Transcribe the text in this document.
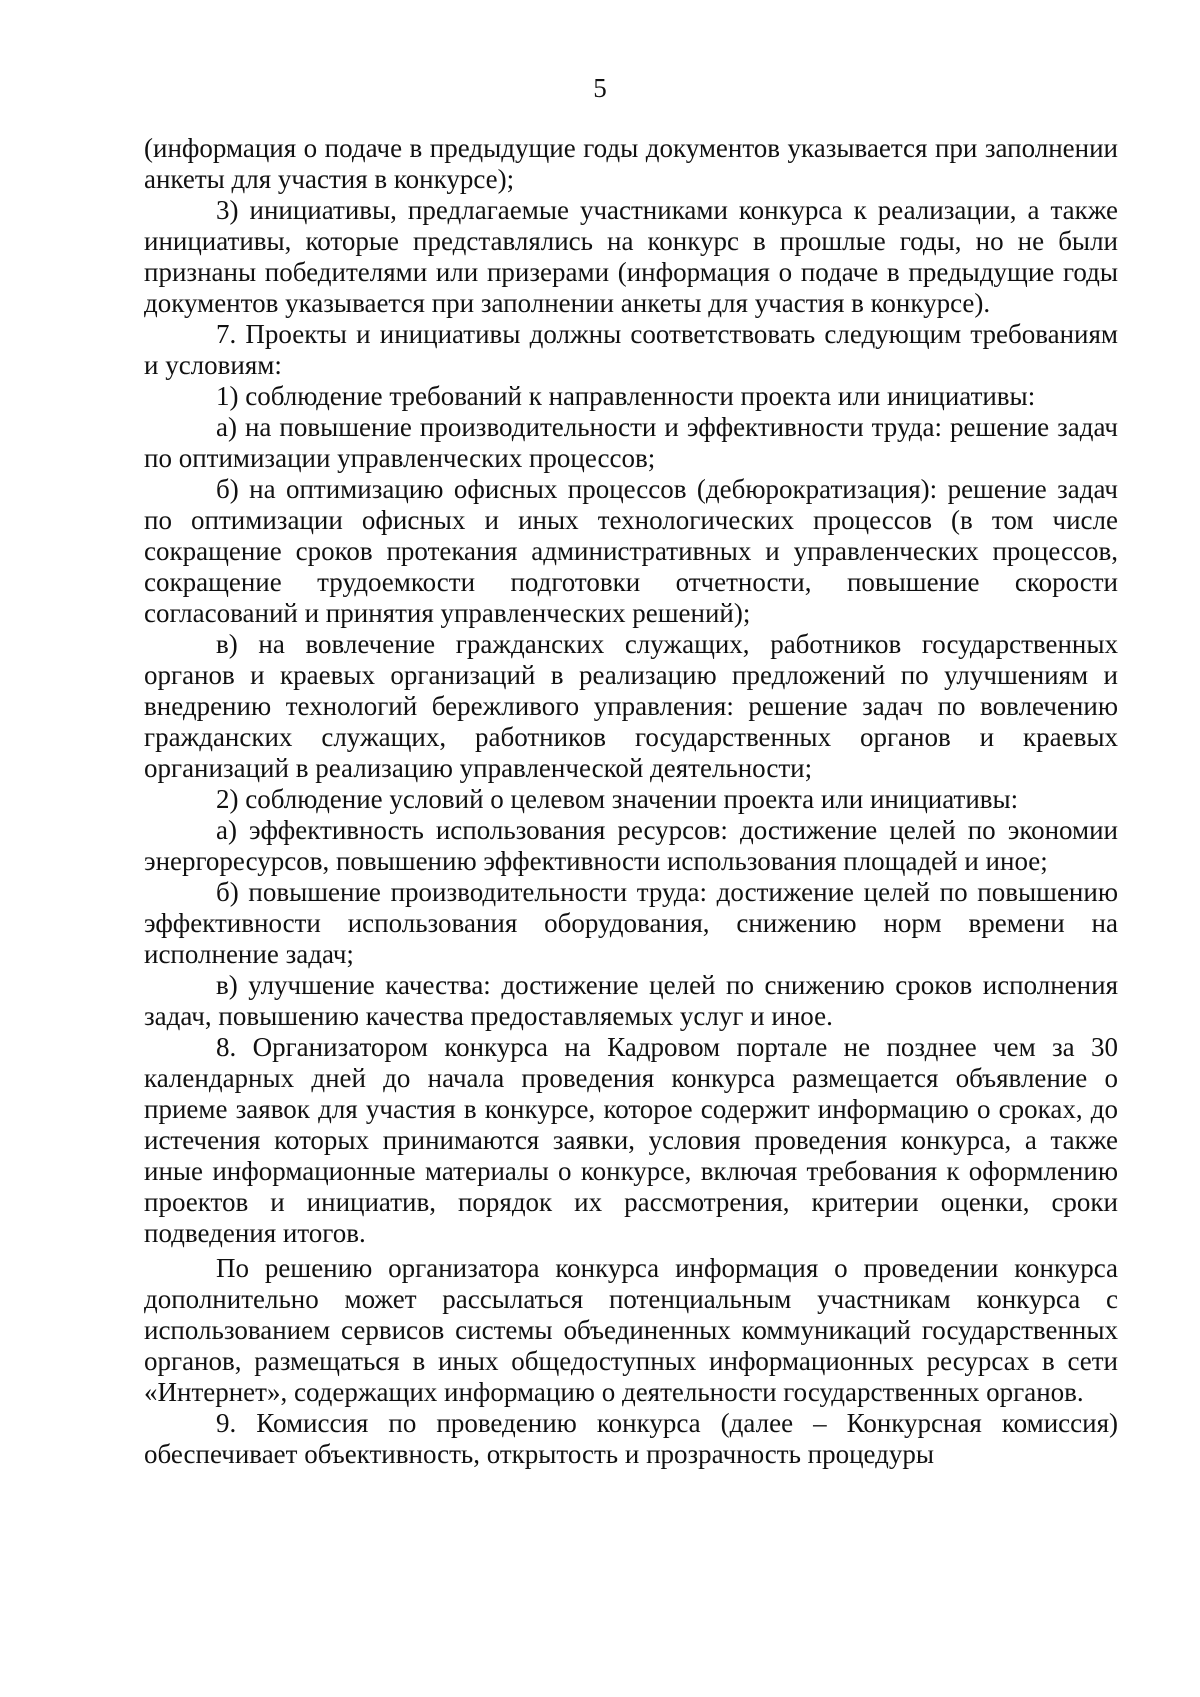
5

(информация о подаче в предыдущие годы документов указывается при заполнении анкеты для участия в конкурсе);

3) инициативы, предлагаемые участниками конкурса к реализации, а также инициативы, которые представлялись на конкурс в прошлые годы, но не были признаны победителями или призерами (информация о подаче в предыдущие годы документов указывается при заполнении анкеты для участия в конкурсе).

7. Проекты и инициативы должны соответствовать следующим требованиям и условиям:

1) соблюдение требований к направленности проекта или инициативы:

а) на повышение производительности и эффективности труда: решение задач по оптимизации управленческих процессов;

б) на оптимизацию офисных процессов (дебюрократизация): решение задач по оптимизации офисных и иных технологических процессов (в том числе сокращение сроков протекания административных и управленческих процессов, сокращение трудоемкости подготовки отчетности, повышение скорости согласований и принятия управленческих решений);

в) на вовлечение гражданских служащих, работников государственных органов и краевых организаций в реализацию предложений по улучшениям и внедрению технологий бережливого управления: решение задач по вовлечению гражданских служащих, работников государственных органов и краевых организаций в реализацию управленческой деятельности;

2) соблюдение условий о целевом значении проекта или инициативы:

а) эффективность использования ресурсов: достижение целей по экономии энергоресурсов, повышению эффективности использования площадей и иное;

б) повышение производительности труда: достижение целей по повышению эффективности использования оборудования, снижению норм времени на исполнение задач;

в) улучшение качества: достижение целей по снижению сроков исполнения задач, повышению качества предоставляемых услуг и иное.

8. Организатором конкурса на Кадровом портале не позднее чем за 30 календарных дней до начала проведения конкурса размещается объявление о приеме заявок для участия в конкурсе, которое содержит информацию о сроках, до истечения которых принимаются заявки, условия проведения конкурса, а также иные информационные материалы о конкурсе, включая требования к оформлению проектов и инициатив, порядок их рассмотрения, критерии оценки, сроки подведения итогов.

По решению организатора конкурса информация о проведении конкурса дополнительно может рассылаться потенциальным участникам конкурса с использованием сервисов системы объединенных коммуникаций государственных органов, размещаться в иных общедоступных информационных ресурсах в сети «Интернет», содержащих информацию о деятельности государственных органов.

9. Комиссия по проведению конкурса (далее – Конкурсная комиссия) обеспечивает объективность, открытость и прозрачность процедуры
